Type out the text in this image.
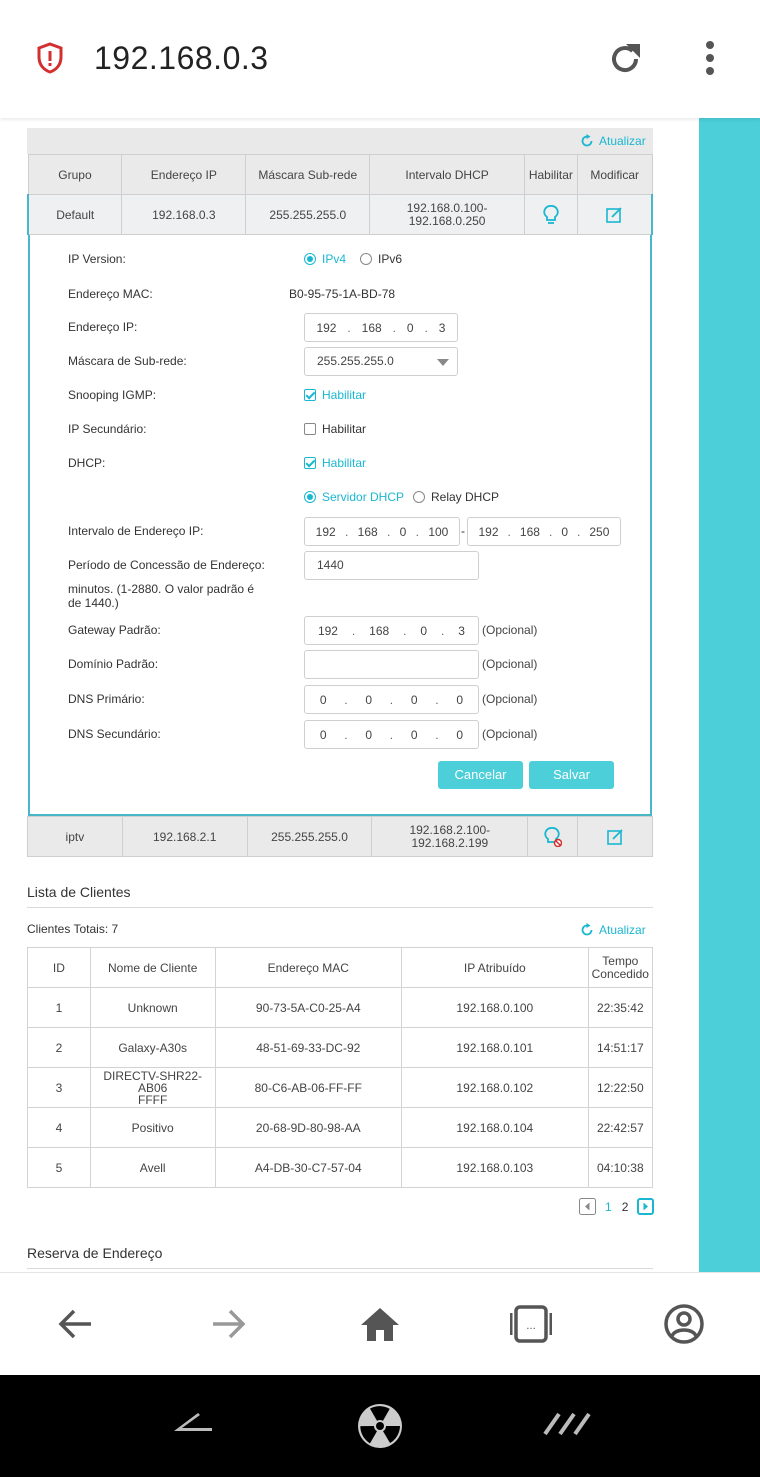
192.168.0.3
Atualizar
Grupo	Endereço IP	Máscara Sub-rede	Intervalo DHCP	Habilitar	Modificar
Default	192.168.0.3	255.255.255.0	192.168.0.100-
192.168.0.250

IP Version:	IPv4	IPv6
Endereço MAC:	B0-95-75-1A-BD-78
Endereço IP:	192 . 168 . 0 . 3
Máscara de Sub-rede:	255.255.255.0
Snooping IGMP:	Habilitar
IP Secundário:	Habilitar
DHCP:	Habilitar
Servidor DHCP	Relay DHCP
Intervalo de Endereço IP:	192 . 168 . 0 . 100 - 192 . 168 . 0 . 250
Período de Concessão de Endereço:	1440
minutos. (1-2880. O valor padrão é
de 1440.)
Gateway Padrão:	192 . 168 . 0 . 3 (Opcional)
Domínio Padrão:	(Opcional)
DNS Primário:	0 . 0 . 0 . 0 (Opcional)
DNS Secundário:	0 . 0 . 0 . 0 (Opcional)
Cancelar	Salvar
iptv	192.168.2.1	255.255.255.0	192.168.2.100-
192.168.2.199

Lista de Clientes
Clientes Totais: 7	Atualizar
ID	Nome de Cliente	Endereço MAC	IP Atribuído	Tempo
Concedido

1	Unknown	90-73-5A-C0-25-A4	192.168.0.100	22:35:42
2	Galaxy-A30s	48-51-69-33-DC-92	192.168.0.101	14:51:17
3	DIRECTV-SHR22-AB06
FFFF	80-C6-AB-06-FF-FF	192.168.0.102	12:22:50
4	Positivo	20-68-9D-80-98-AA	192.168.0.104	22:42:57
5	Avell	A4-DB-30-C7-57-04	192.168.0.103	04:10:38
1 2
Reserva de Endereço
...
